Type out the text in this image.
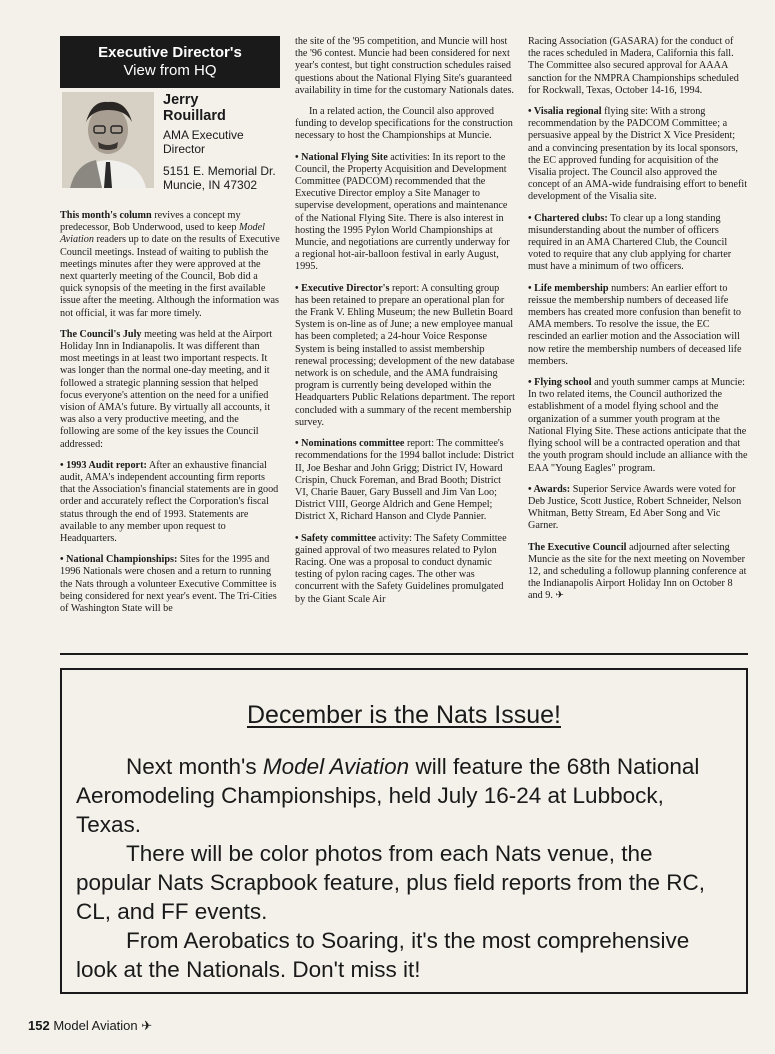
Executive Director's
View from HQ
Jerry
Rouillard
AMA Executive
Director
5151 E. Memorial Dr.
Muncie, IN 47302

This month's column revives a concept my predecessor, Bob Underwood, used to keep Model Aviation readers up to date on the results of Executive Council meetings. Instead of waiting to publish the meetings minutes after they were approved at the next quarterly meeting of the Council, Bob did a quick synopsis of the meeting in the first available issue after the meeting. Although the information was not official, it was far more timely.

The Council's July meeting was held at the Airport Holiday Inn in Indianapolis. It was different than most meetings in at least two important respects. It was longer than the normal one-day meeting, and it followed a strategic planning session that helped focus everyone's attention on the need for a unified vision of AMA's future. By virtually all accounts, it was also a very productive meeting, and the following are some of the key issues the Council addressed:

• 1993 Audit report: After an exhaustive financial audit, AMA's independent accounting firm reports that the Association's financial statements are in good order and accurately reflect the Corporation's fiscal status through the end of 1993. Statements are available to any member upon request to Headquarters.

• National Championships: Sites for the 1995 and 1996 Nationals were chosen and a return to running the Nats through a volunteer Executive Committee is being considered for next year's event. The Tri-Cities of Washington State will be

the site of the '95 competition, and Muncie will host the '96 contest. Muncie had been considered for next year's contest, but tight construction schedules raised questions about the National Flying Site's guaranteed availability in time for the customary Nationals dates.

In a related action, the Council also approved funding to develop specifications for the construction necessary to host the Championships at Muncie.

• National Flying Site activities: In its report to the Council, the Property Acquisition and Development Committee (PADCOM) recommended that the Executive Director employ a Site Manager to supervise development, operations and maintenance of the National Flying Site. There is also interest in hosting the 1995 Pylon World Championships at Muncie, and negotiations are currently underway for a regional hot-air-balloon festival in early August, 1995.

• Executive Director's report: A consulting group has been retained to prepare an operational plan for the Frank V. Ehling Museum; the new Bulletin Board System is on-line as of June; a new employee manual has been completed; a 24-hour Voice Response System is being installed to assist membership renewal processing; development of the new database network is on schedule, and the AMA fundraising program is currently being developed within the Headquarters Public Relations department. The report concluded with a summary of the recent membership survey.

• Nominations committee report: The committee's recommendations for the 1994 ballot include: District II, Joe Beshar and John Grigg; District IV, Howard Crispin, Chuck Foreman, and Brad Booth; District VI, Charie Bauer, Gary Bussell and Jim Van Loo; District VIII, George Aldrich and Gene Hempel; District X, Richard Hanson and Clyde Pannier.

• Safety committee activity: The Safety Committee gained approval of two measures related to Pylon Racing. One was a proposal to conduct dynamic testing of pylon racing cages. The other was concurrent with the Safety Guidelines promulgated by the Giant Scale Air

Racing Association (GASARA) for the conduct of the races scheduled in Madera, California this fall. The Committee also secured approval for AAAA sanction for the NMPRA Championships scheduled for Rockwall, Texas, October 14-16, 1994.

• Visalia regional flying site: With a strong recommendation by the PADCOM Committee; a persuasive appeal by the District X Vice President; and a convincing presentation by its local sponsors, the EC approved funding for acquisition of the Visalia project. The Council also approved the concept of an AMA-wide fundraising effort to benefit development of the Visalia site.

• Chartered clubs: To clear up a long standing misunderstanding about the number of officers required in an AMA Chartered Club, the Council voted to require that any club applying for charter must have a minimum of two officers.

• Life membership numbers: An earlier effort to reissue the membership numbers of deceased life members has created more confusion than benefit to AMA members. To resolve the issue, the EC rescinded an earlier motion and the Association will now retire the membership numbers of deceased life members.

• Flying school and youth summer camps at Muncie: In two related items, the Council authorized the establishment of a model flying school and the organization of a summer youth program at the National Flying Site. These actions anticipate that the flying school will be a contracted operation and that the youth program should include an alliance with the EAA "Young Eagles" program.

• Awards: Superior Service Awards were voted for Deb Justice, Scott Justice, Robert Schneider, Nelson Whitman, Betty Stream, Ed Aber Song and Vic Garner.

The Executive Council adjourned after selecting Muncie as the site for the next meeting on November 12, and scheduling a followup planning conference at the Indianapolis Airport Holiday Inn on October 8 and 9. ✈

December is the Nats Issue!

Next month's Model Aviation will feature the 68th National Aeromodeling Championships, held July 16-24 at Lubbock, Texas.

There will be color photos from each Nats venue, the popular Nats Scrapbook feature, plus field reports from the RC, CL, and FF events.

From Aerobatics to Soaring, it's the most comprehensive look at the Nationals. Don't miss it!

152 Model Aviation ✈
